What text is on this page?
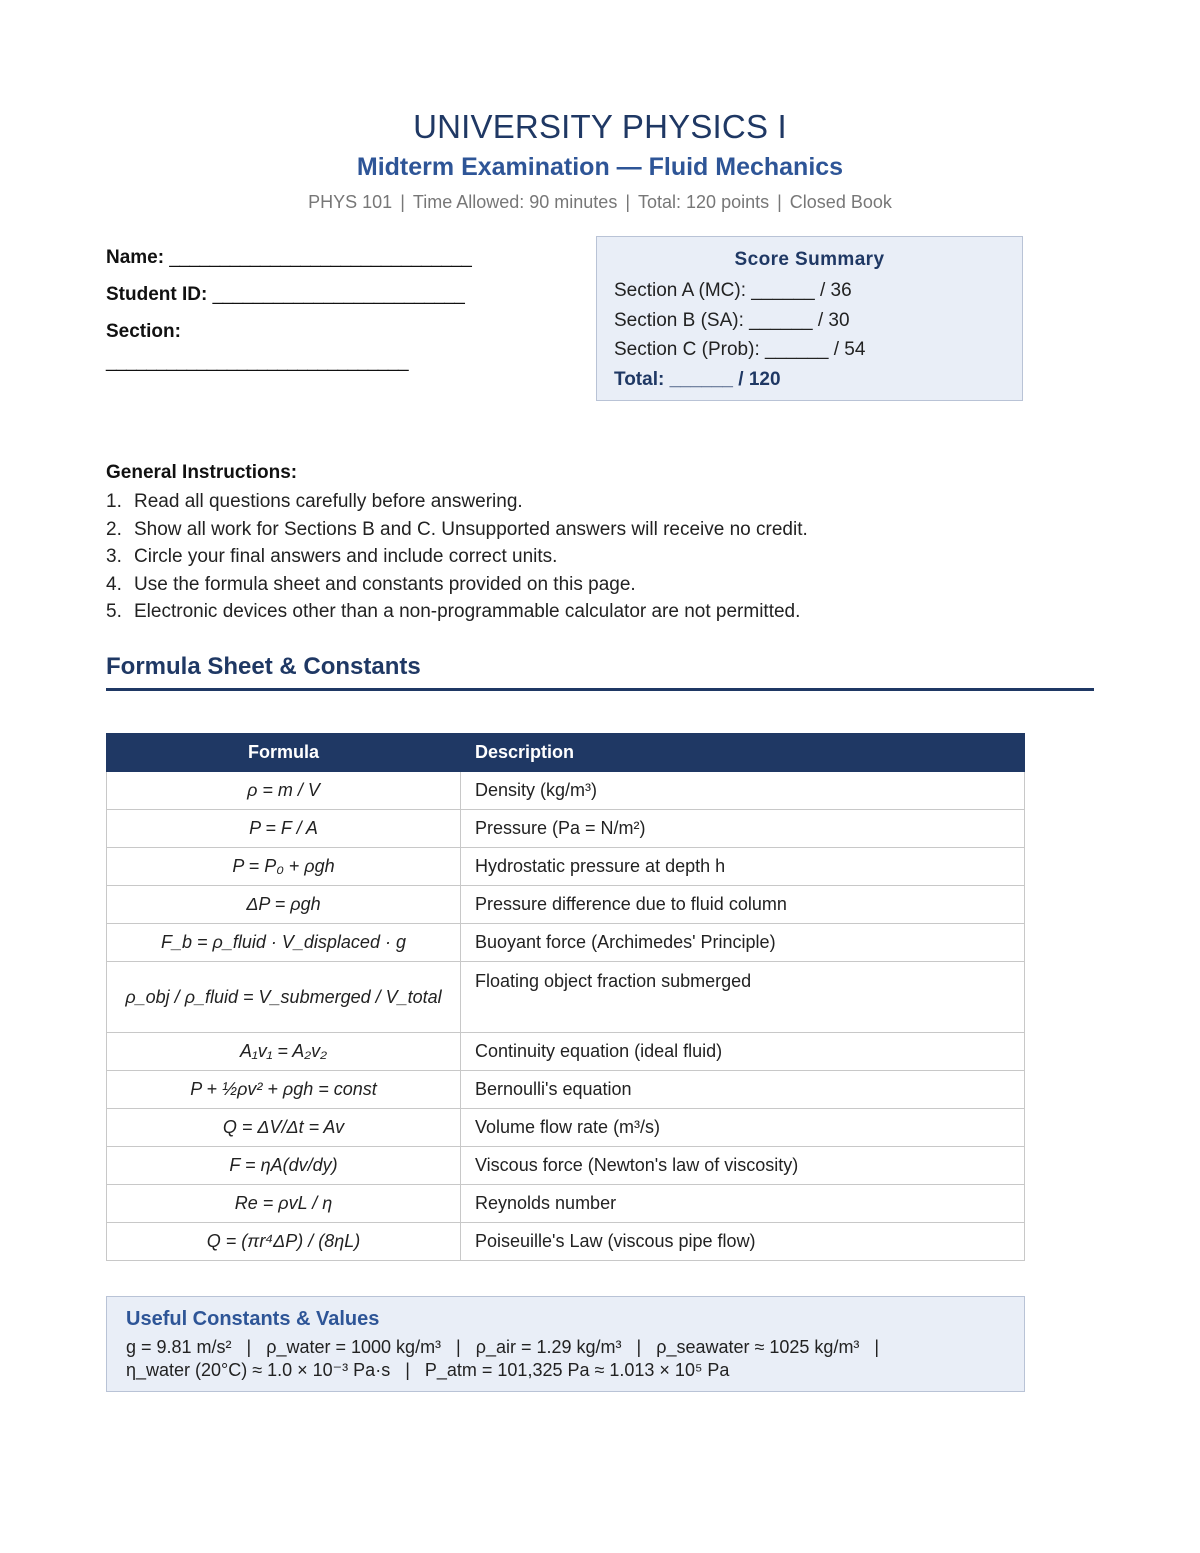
UNIVERSITY PHYSICS I
Midterm Examination — Fluid Mechanics
PHYS 101 | Time Allowed: 90 minutes | Total: 120 points | Closed Book
Name: ______________________________
Student ID: _________________________
Section:
______________________________
Score Summary
Section A (MC): ______ / 36
Section B (SA): ______ / 30
Section C (Prob): ______ / 54
Total: ______ / 120
General Instructions:
1. Read all questions carefully before answering.
2. Show all work for Sections B and C. Unsupported answers will receive no credit.
3. Circle your final answers and include correct units.
4. Use the formula sheet and constants provided on this page.
5. Electronic devices other than a non-programmable calculator are not permitted.
Formula Sheet & Constants
Formula	Description
ρ = m / V	Density (kg/m³)
P = F / A	Pressure (Pa = N/m²)
P = P₀ + ρgh	Hydrostatic pressure at depth h
ΔP = ρgh	Pressure difference due to fluid column
F_b = ρ_fluid · V_displaced · g	Buoyant force (Archimedes' Principle)
ρ_obj / ρ_fluid = V_submerged / V_total	Floating object fraction submerged
A₁v₁ = A₂v₂	Continuity equation (ideal fluid)
P + ½ρv² + ρgh = const	Bernoulli's equation
Q = ΔV/Δt = Av	Volume flow rate (m³/s)
F = ηA(dv/dy)	Viscous force (Newton's law of viscosity)
Re = ρvL / η	Reynolds number
Q = (πr⁴ΔP) / (8ηL)	Poiseuille's Law (viscous pipe flow)
Useful Constants & Values
g = 9.81 m/s²   |   ρ_water = 1000 kg/m³   |   ρ_air = 1.29 kg/m³   |   ρ_seawater ≈ 1025 kg/m³   |
η_water (20°C) ≈ 1.0 × 10⁻³ Pa·s   |   P_atm = 101,325 Pa ≈ 1.013 × 10⁵ Pa
